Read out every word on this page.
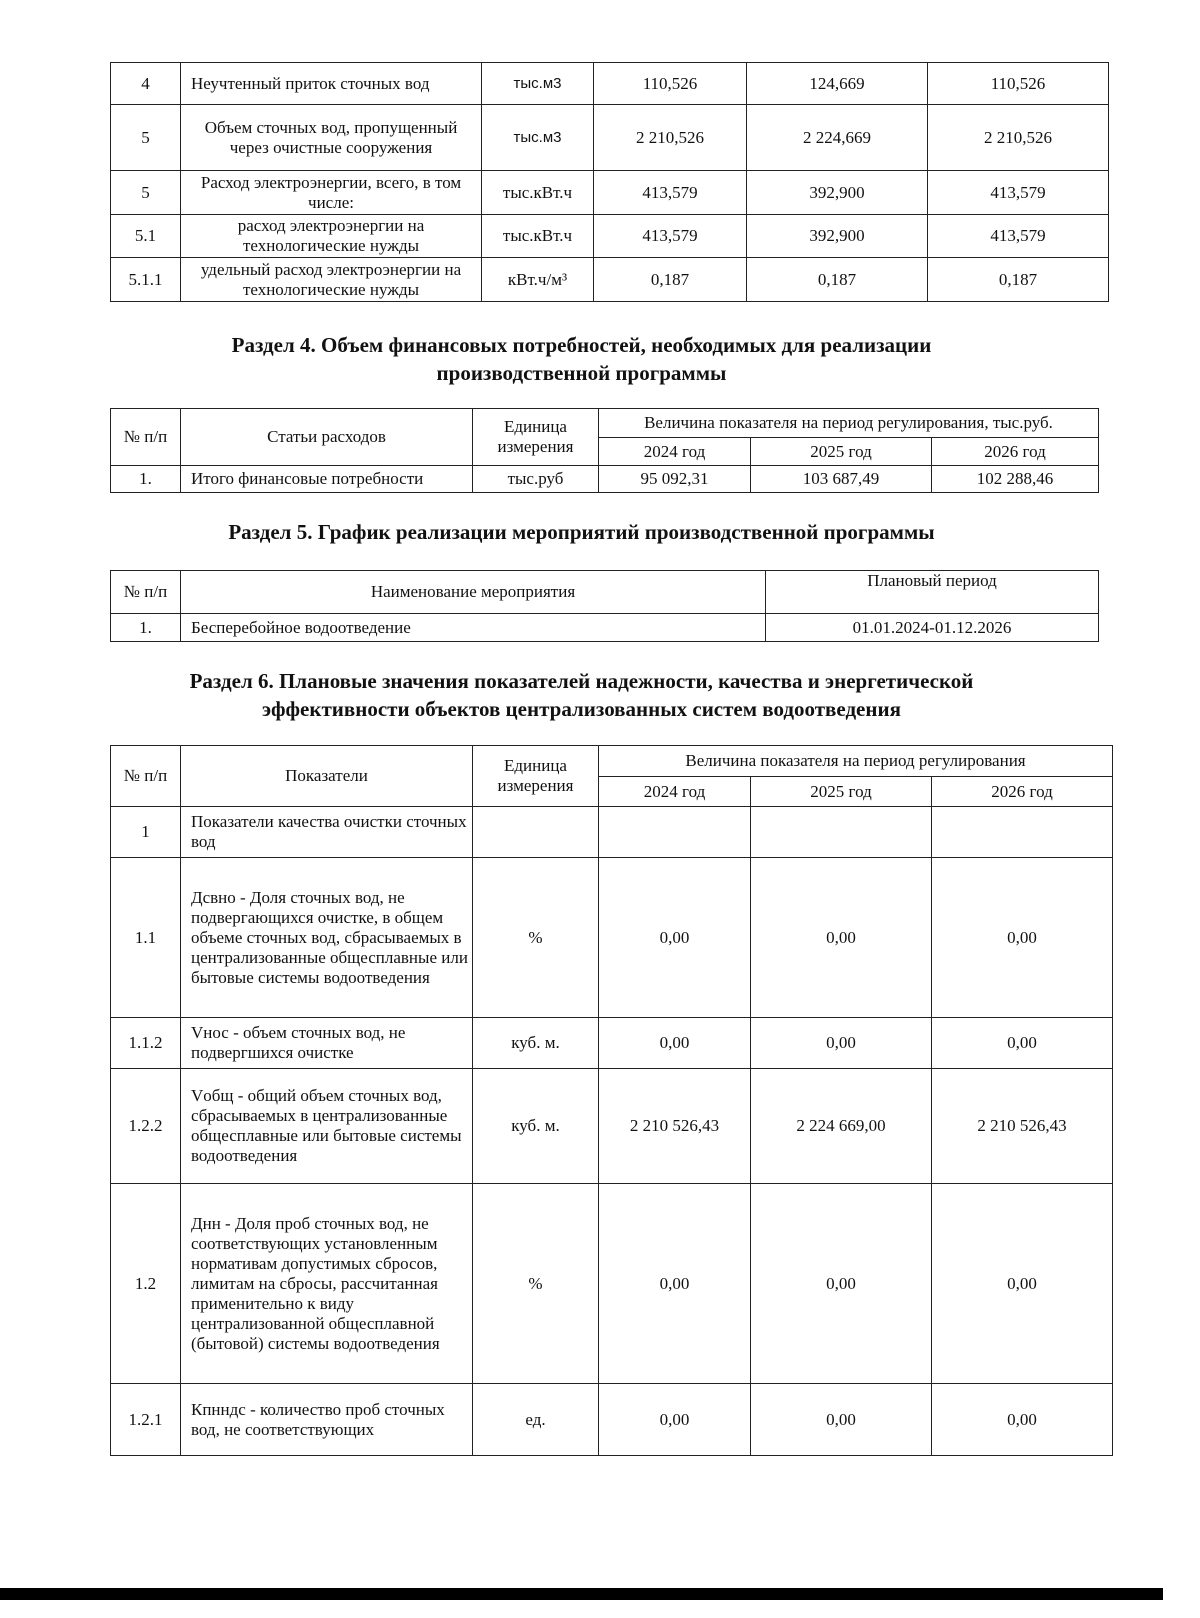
4	Неучтенный приток сточных вод	тыс.м3	110,526	124,669	110,526
5	Объем сточных вод, пропущенный через очистные сооружения	тыс.м3	2 210,526	2 224,669	2 210,526
5	Расход электроэнергии, всего, в том числе:	тыс.кВт.ч	413,579	392,900	413,579
5.1	расход электроэнергии на технологические нужды	тыс.кВт.ч	413,579	392,900	413,579
5.1.1	удельный расход электроэнергии на технологические нужды	кВт.ч/м³	0,187	0,187	0,187
Раздел 4. Объем финансовых потребностей, необходимых для реализации
производственной программы
№ п/п	Статьи расходов	Единица измерения	Величина показателя на период регулирования, тыс.руб.		
			2024 год	2025 год	2026 год
1.	Итого финансовые потребности	тыс.руб	95 092,31	103 687,49	102 288,46
Раздел 5. График реализации мероприятий производственной программы
№ п/п	Наименование мероприятия	Плановый период
1.	Бесперебойное водоотведение	01.01.2024-01.12.2026
Раздел 6. Плановые значения показателей надежности, качества и энергетической
эффективности объектов централизованных систем водоотведения
№ п/п	Показатели	Единица измерения	Величина показателя на период регулирования		
			2024 год	2025 год	2026 год
1	Показатели качества очистки сточных вод				
1.1	Дсвно - Доля сточных вод, не подвергающихся очистке, в общем объеме сточных вод, сбрасываемых в централизованные общесплавные или бытовые системы водоотведения	%	0,00	0,00	0,00
1.1.2	Vнос - объем сточных вод, не подвергшихся очистке	куб. м.	0,00	0,00	0,00
1.2.2	Vобщ - общий объем сточных вод, сбрасываемых в централизованные общесплавные или бытовые системы водоотведения	куб. м.	2 210 526,43	2 224 669,00	2 210 526,43
1.2	Днн - Доля проб сточных вод, не соответствующих установленным нормативам допустимых сбросов, лимитам на сбросы, рассчитанная применительно к виду централизованной общесплавной (бытовой) системы водоотведения	%	0,00	0,00	0,00
1.2.1	Кпнндс - количество проб сточных вод, не соответствующих	ед.	0,00	0,00	0,00
